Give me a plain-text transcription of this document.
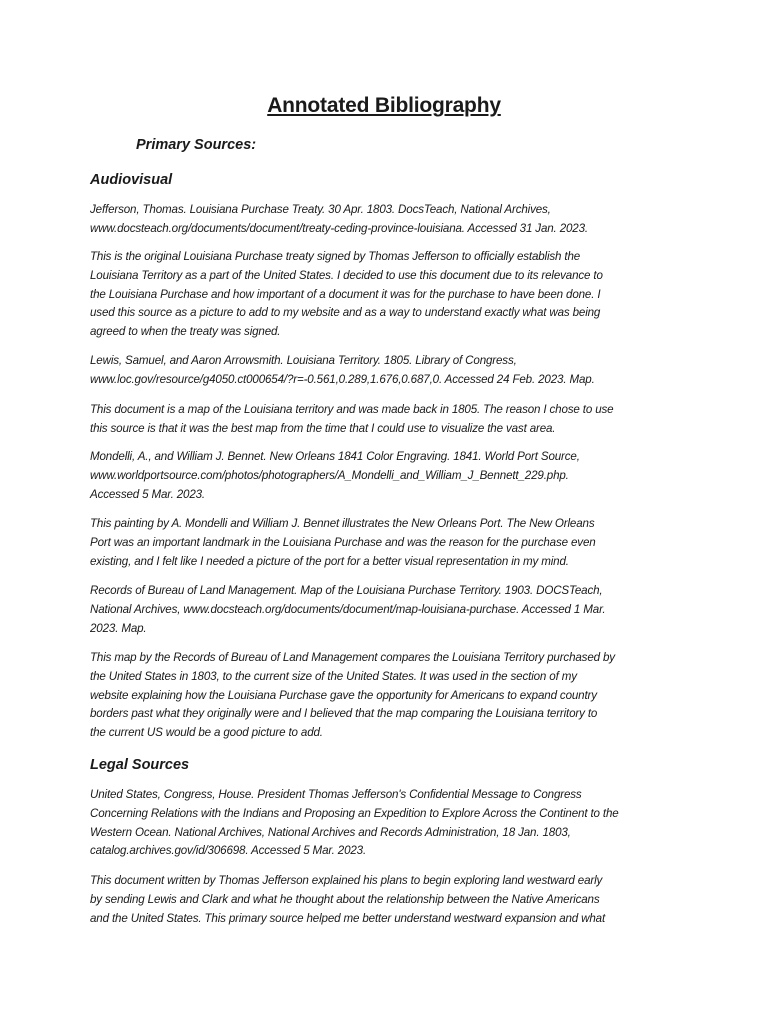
Annotated Bibliography
Primary Sources:
Audiovisual

Jefferson, Thomas. Louisiana Purchase Treaty. 30 Apr. 1803. DocsTeach, National Archives,
www.docsteach.org/documents/document/treaty-ceding-province-louisiana. Accessed 31 Jan. 2023.

This is the original Louisiana Purchase treaty signed by Thomas Jefferson to officially establish the
Louisiana Territory as a part of the United States. I decided to use this document due to its relevance to
the Louisiana Purchase and how important of a document it was for the purchase to have been done. I
used this source as a picture to add to my website and as a way to understand exactly what was being
agreed to when the treaty was signed.

Lewis, Samuel, and Aaron Arrowsmith. Louisiana Territory. 1805. Library of Congress,
www.loc.gov/resource/g4050.ct000654/?r=-0.561,0.289,1.676,0.687,0. Accessed 24 Feb. 2023. Map.

This document is a map of the Louisiana territory and was made back in 1805. The reason I chose to use
this source is that it was the best map from the time that I could use to visualize the vast area.

Mondelli, A., and William J. Bennet. New Orleans 1841 Color Engraving. 1841. World Port Source,
www.worldportsource.com/photos/photographers/A_Mondelli_and_William_J_Bennett_229.php.
Accessed 5 Mar. 2023.

This painting by A. Mondelli and William J. Bennet illustrates the New Orleans Port. The New Orleans
Port was an important landmark in the Louisiana Purchase and was the reason for the purchase even
existing, and I felt like I needed a picture of the port for a better visual representation in my mind.

Records of Bureau of Land Management. Map of the Louisiana Purchase Territory. 1903. DOCSTeach,
National Archives, www.docsteach.org/documents/document/map-louisiana-purchase. Accessed 1 Mar.
2023. Map.

This map by the Records of Bureau of Land Management compares the Louisiana Territory purchased by
the United States in 1803, to the current size of the United States. It was used in the section of my
website explaining how the Louisiana Purchase gave the opportunity for Americans to expand country
borders past what they originally were and I believed that the map comparing the Louisiana territory to
the current US would be a good picture to add.

Legal Sources

United States, Congress, House. President Thomas Jefferson's Confidential Message to Congress
Concerning Relations with the Indians and Proposing an Expedition to Explore Across the Continent to the
Western Ocean. National Archives, National Archives and Records Administration, 18 Jan. 1803,
catalog.archives.gov/id/306698. Accessed 5 Mar. 2023.

This document written by Thomas Jefferson explained his plans to begin exploring land westward early
by sending Lewis and Clark and what he thought about the relationship between the Native Americans
and the United States. This primary source helped me better understand westward expansion and what
